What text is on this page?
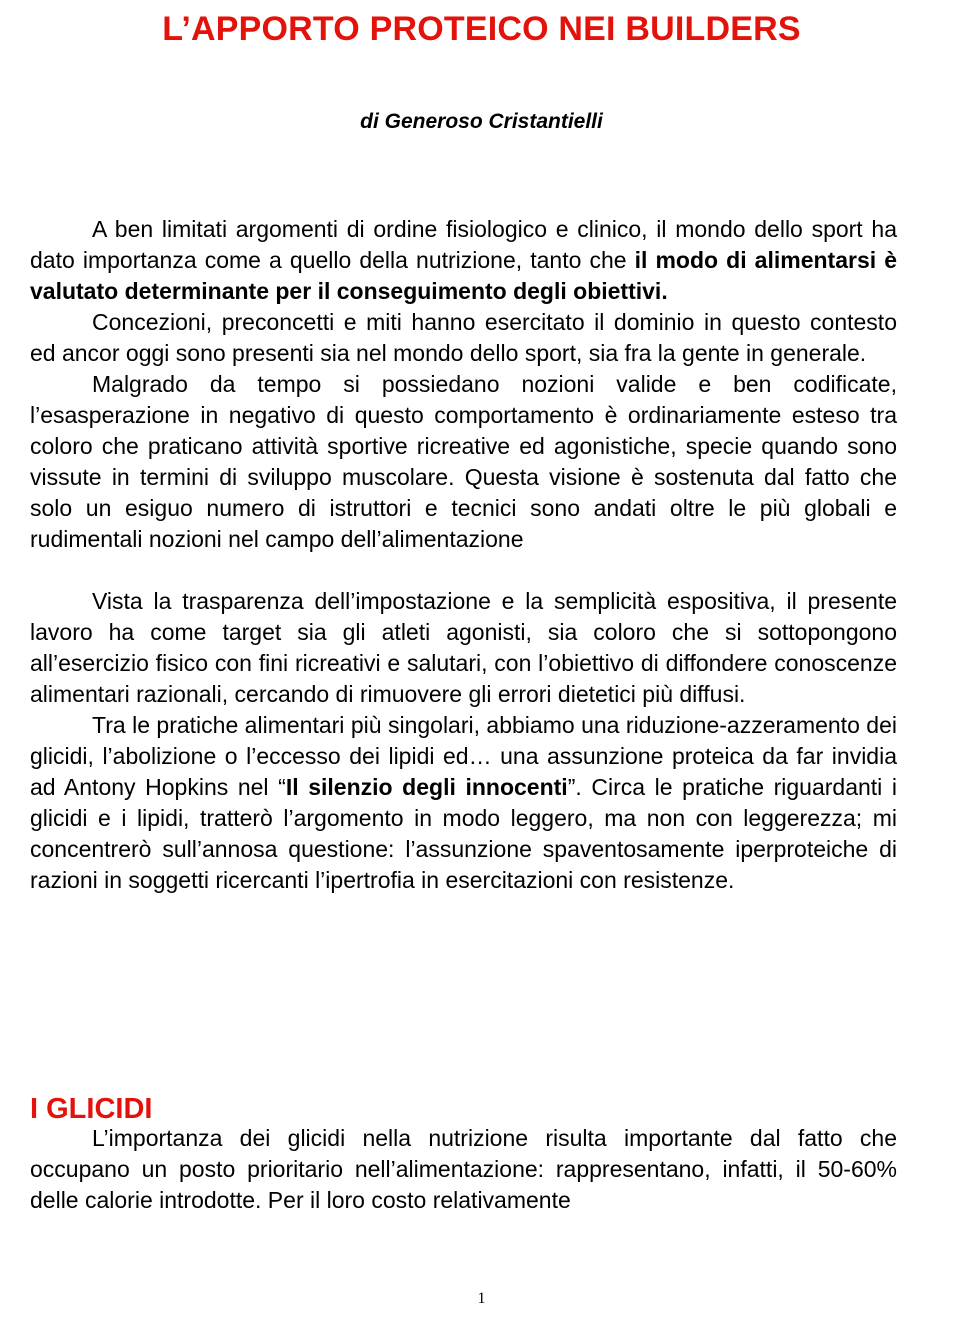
L’APPORTO PROTEICO NEI BUILDERS

di Generoso Cristantielli

A ben limitati argomenti di ordine fisiologico e clinico, il mondo dello sport ha dato importanza come a quello della nutrizione, tanto che il modo di alimentarsi è valutato determinante per il conseguimento degli obiettivi.

Concezioni, preconcetti e miti hanno esercitato il dominio in questo contesto ed ancor oggi sono presenti sia nel mondo dello sport, sia fra la gente in generale.

Malgrado da tempo si possiedano nozioni valide e ben codificate, l’esasperazione in negativo di questo comportamento è ordinariamente esteso tra coloro che praticano attività sportive ricreative ed agonistiche, specie quando sono vissute in termini di sviluppo muscolare. Questa visione è sostenuta dal fatto che solo un esiguo numero di istruttori e tecnici sono andati oltre le più globali e rudimentali nozioni nel campo dell’alimentazione

Vista la trasparenza dell’impostazione e la semplicità espositiva, il presente lavoro ha come target sia gli atleti agonisti, sia coloro che si sottopongono all’esercizio fisico con fini ricreativi e salutari, con l’obiettivo di diffondere conoscenze alimentari razionali, cercando di rimuovere gli errori dietetici più diffusi.

Tra le pratiche alimentari più singolari, abbiamo una riduzione-azzeramento dei glicidi, l’abolizione o l’eccesso dei lipidi ed… una assunzione proteica da far invidia ad Antony Hopkins nel “Il silenzio degli innocenti”. Circa le pratiche riguardanti i glicidi e i lipidi, tratterò l’argomento in modo leggero, ma non con leggerezza; mi concentrerò sull’annosa questione: l’assunzione spaventosamente iperproteiche di razioni in soggetti ricercanti l’ipertrofia in esercitazioni con resistenze.

I GLICIDI

L’importanza dei glicidi nella nutrizione risulta importante dal fatto che occupano un posto prioritario nell’alimentazione: rappresentano, infatti, il 50-60% delle calorie introdotte. Per il loro costo relativamente

1
